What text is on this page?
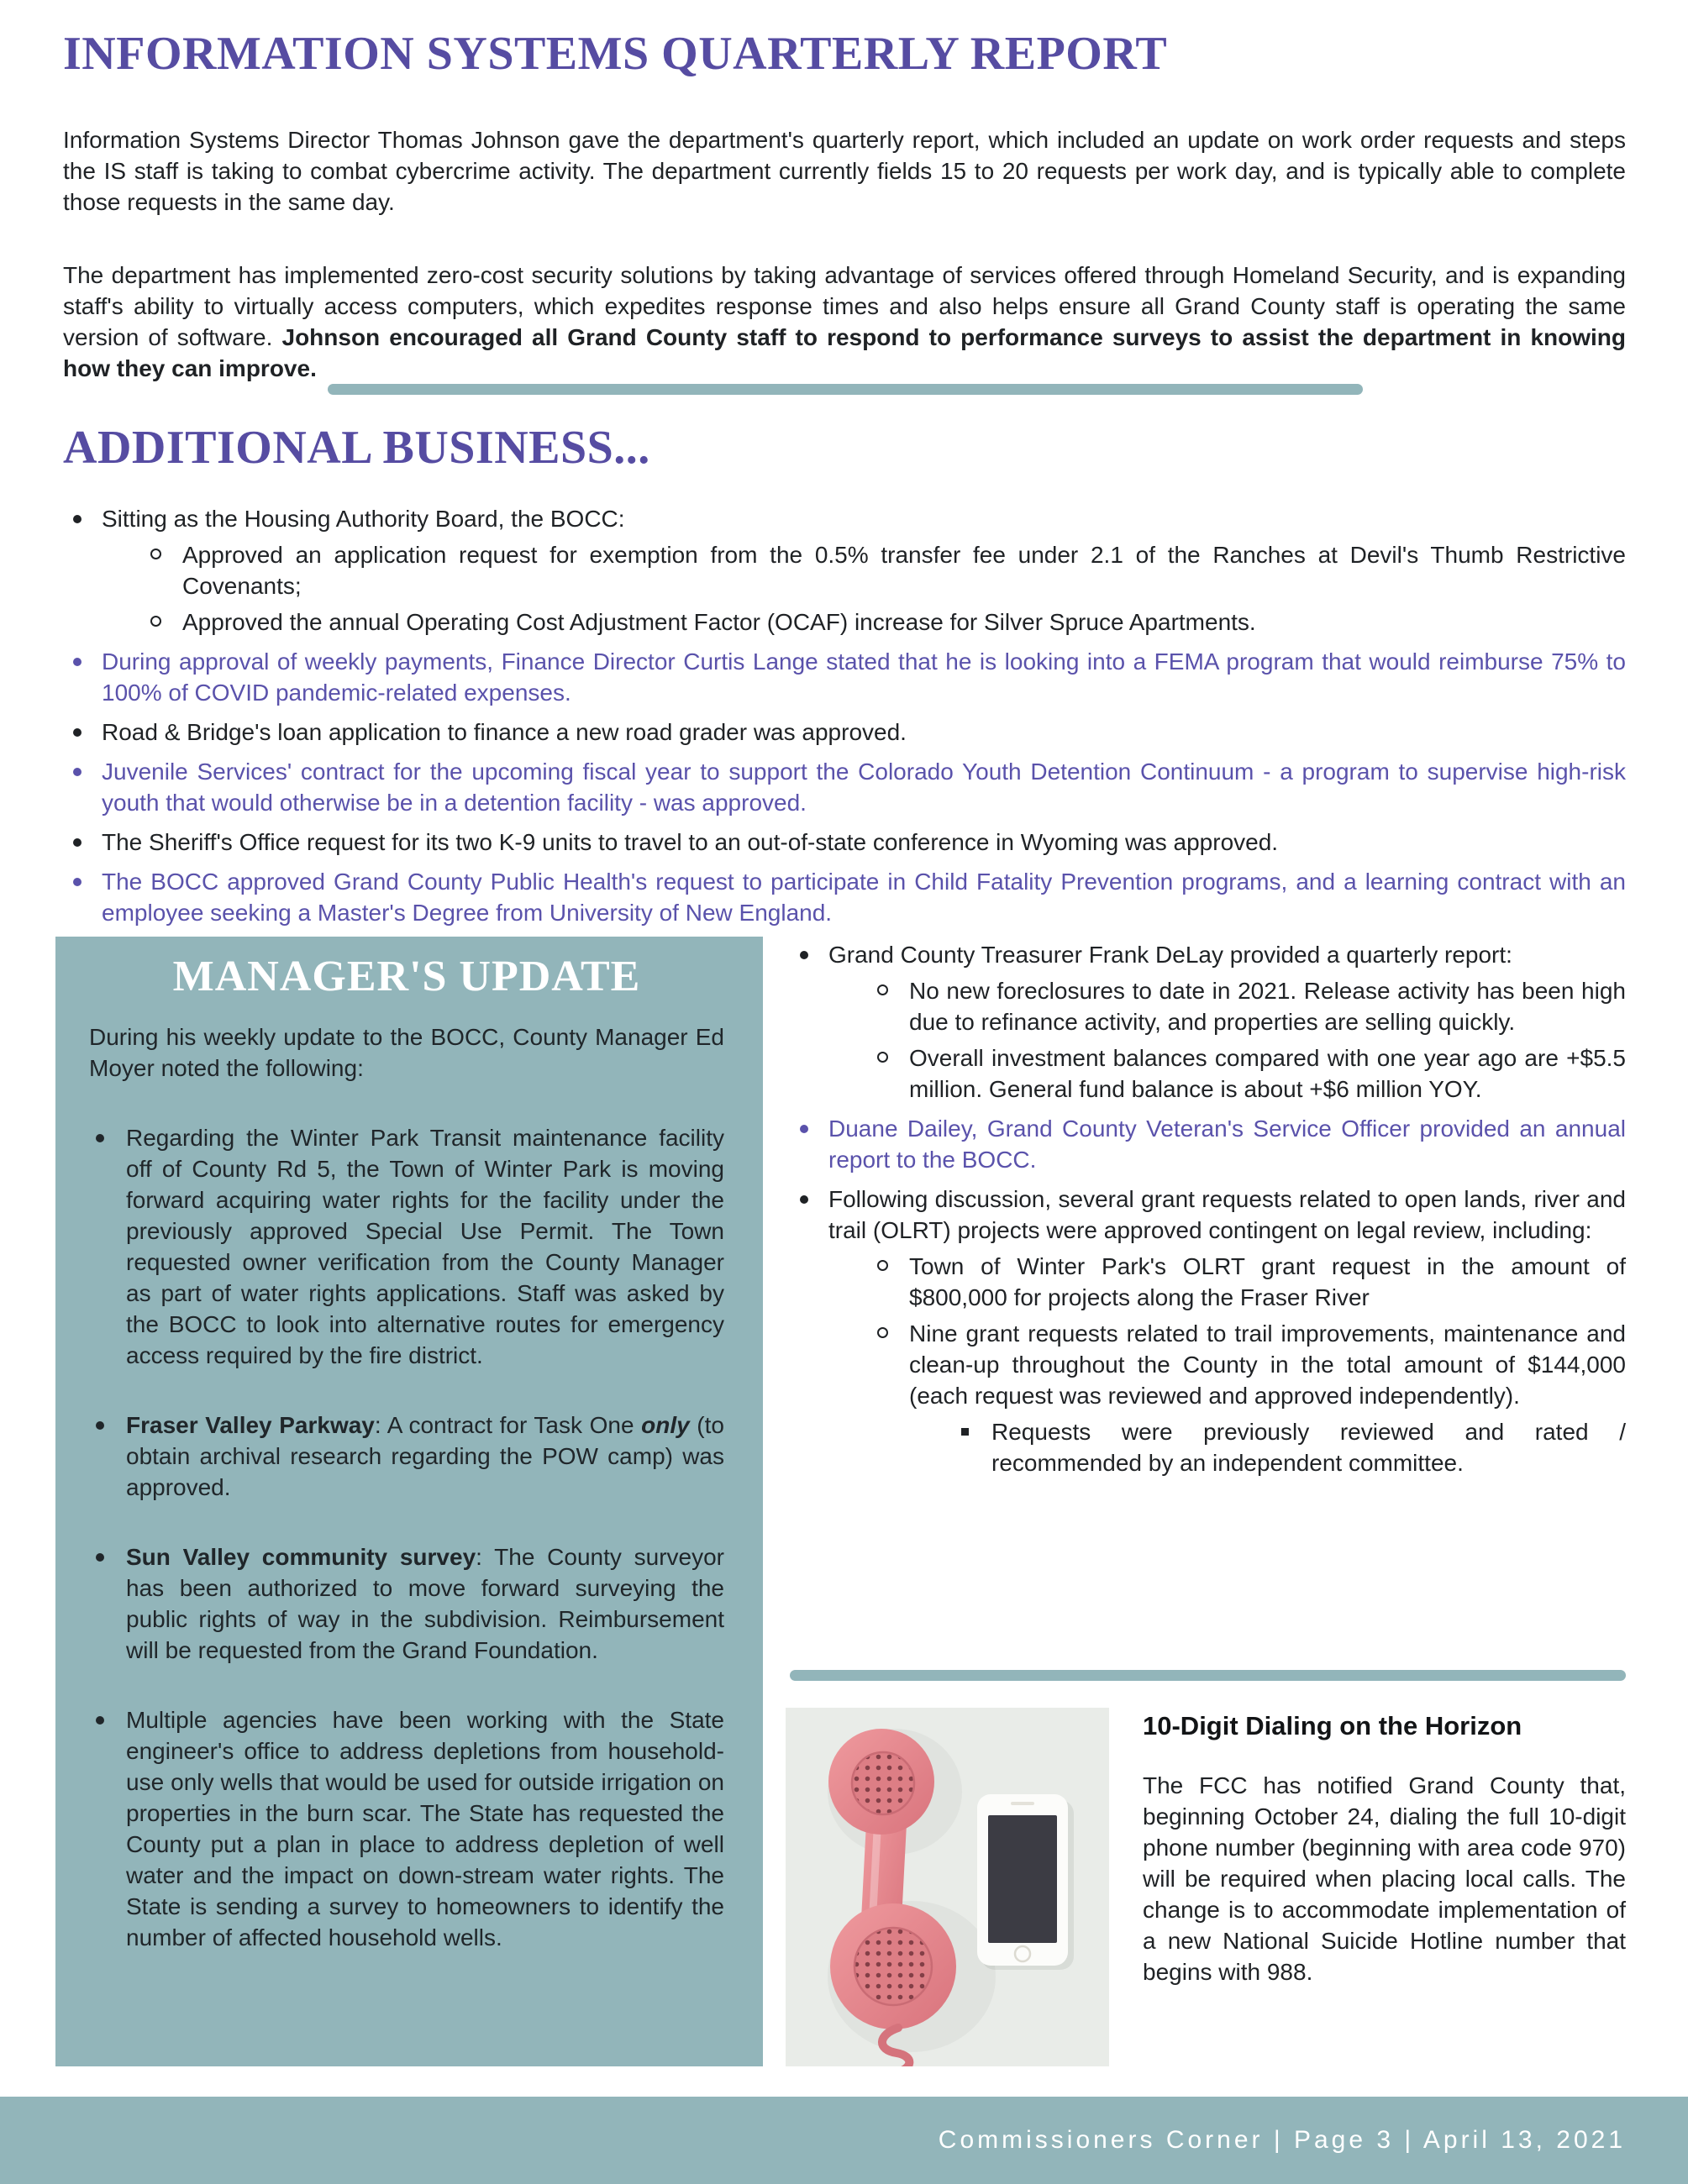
INFORMATION SYSTEMS QUARTERLY REPORT

Information Systems Director Thomas Johnson gave the department's quarterly report, which included an update on work order requests and steps the IS staff is taking to combat cybercrime activity. The department currently fields 15 to 20 requests per work day, and is typically able to complete those requests in the same day.

The department has implemented zero-cost security solutions by taking advantage of services offered through Homeland Security, and is expanding staff's ability to virtually access computers, which expedites response times and also helps ensure all Grand County staff is operating the same version of software. Johnson encouraged all Grand County staff to respond to performance surveys to assist the department in knowing how they can improve.

ADDITIONAL BUSINESS...
Sitting as the Housing Authority Board, the BOCC:
Approved an application request for exemption from the 0.5% transfer fee under 2.1 of the Ranches at Devil's Thumb Restrictive Covenants;
Approved the annual Operating Cost Adjustment Factor (OCAF) increase for Silver Spruce Apartments.
During approval of weekly payments, Finance Director Curtis Lange stated that he is looking into a FEMA program that would reimburse 75% to 100% of COVID pandemic-related expenses.
Road & Bridge's loan application to finance a new road grader was approved.
Juvenile Services' contract for the upcoming fiscal year to support the Colorado Youth Detention Continuum - a program to supervise high-risk youth that would otherwise be in a detention facility - was approved.
The Sheriff's Office request for its two K-9 units to travel to an out-of-state conference in Wyoming was approved.
The BOCC approved Grand County Public Health's request to participate in Child Fatality Prevention programs, and a learning contract with an employee seeking a Master's Degree from University of New England.
MANAGER'S UPDATE

During his weekly update to the BOCC, County Manager Ed Moyer noted the following:

Regarding the Winter Park Transit maintenance facility off of County Rd 5, the Town of Winter Park is moving forward acquiring water rights for the facility under the previously approved Special Use Permit. The Town requested owner verification from the County Manager as part of water rights applications. Staff was asked by the BOCC to look into alternative routes for emergency access required by the fire district.
Fraser Valley Parkway: A contract for Task One only (to obtain archival research regarding the POW camp) was approved.
Sun Valley community survey: The County surveyor has been authorized to move forward surveying the public rights of way in the subdivision. Reimbursement will be requested from the Grand Foundation.
Multiple agencies have been working with the State engineer's office to address depletions from household-use only wells that would be used for outside irrigation on properties in the burn scar. The State has requested the County put a plan in place to address depletion of well water and the impact on down-stream water rights. The State is sending a survey to homeowners to identify the number of affected household wells.
Grand County Treasurer Frank DeLay provided a quarterly report:
No new foreclosures to date in 2021. Release activity has been high due to refinance activity, and properties are selling quickly.
Overall investment balances compared with one year ago are +$5.5 million. General fund balance is about +$6 million YOY.
Duane Dailey, Grand County Veteran's Service Officer provided an annual report to the BOCC.
Following discussion, several grant requests related to open lands, river and trail (OLRT) projects were approved contingent on legal review, including:
Town of Winter Park's OLRT grant request in the amount of $800,000 for projects along the Fraser River
Nine grant requests related to trail improvements, maintenance and clean-up throughout the County in the total amount of $144,000 (each request was reviewed and approved independently).
Requests were previously reviewed and rated / recommended by an independent committee.
10-Digit Dialing on the Horizon

The FCC has notified Grand County that, beginning October 24, dialing the full 10-digit phone number (beginning with area code 970) will be required when placing local calls. The change is to accommodate implementation of a new National Suicide Hotline number that begins with 988.

Commissioners Corner | Page 3 | April 13, 2021
